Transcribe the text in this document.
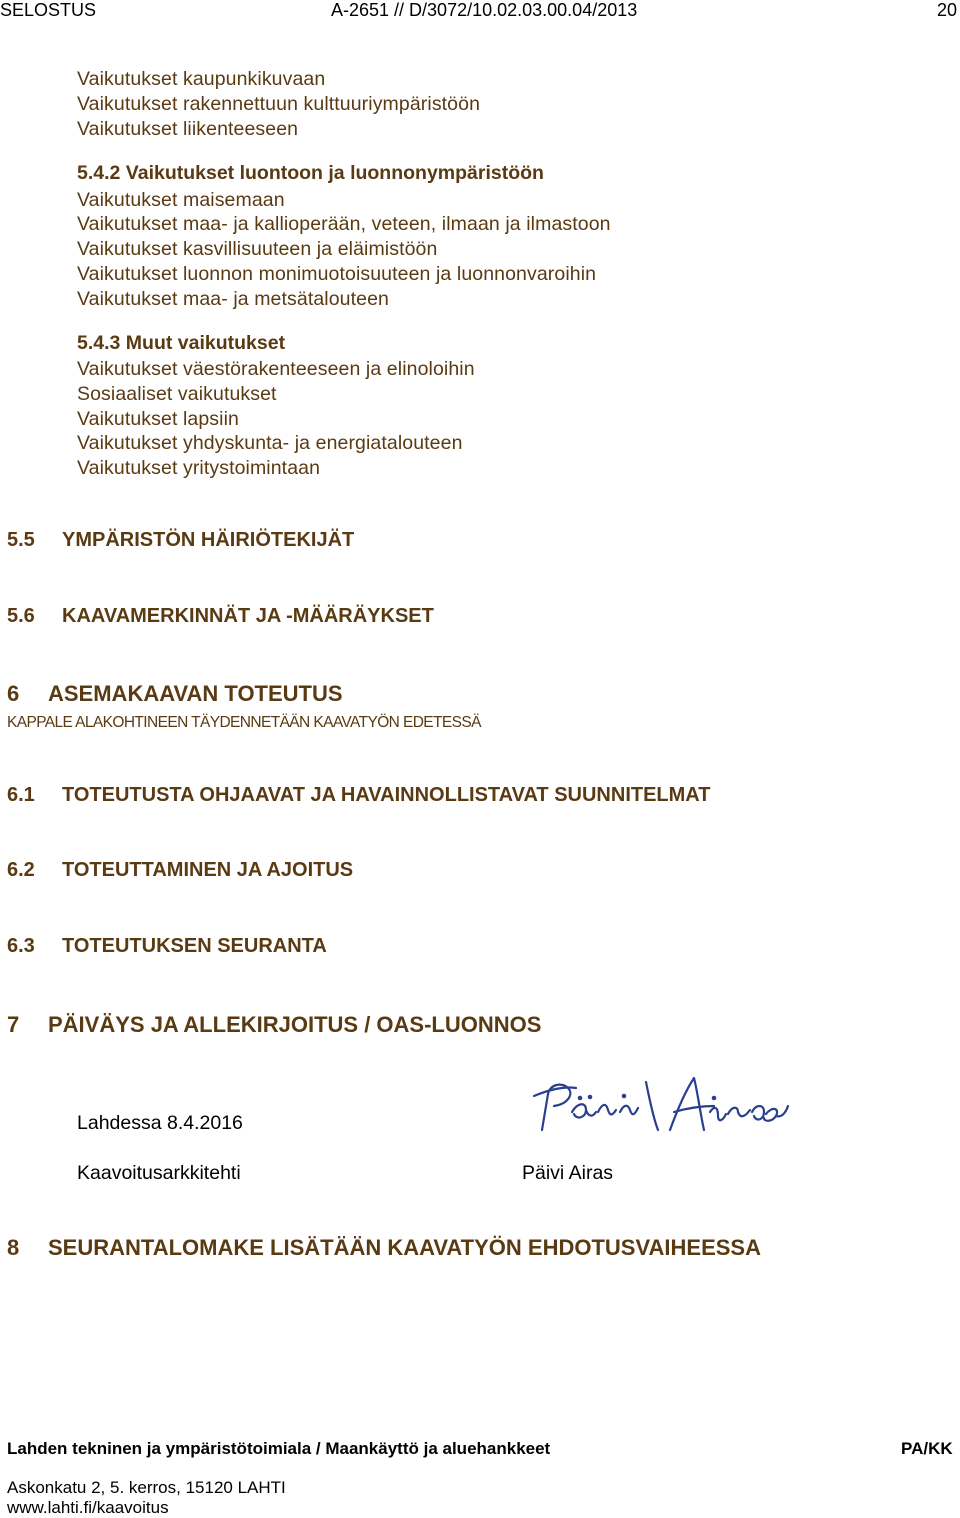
SELOSTUS	A-2651 // D/3072/10.02.03.00.04/2013	20
Vaikutukset kaupunkikuvaan
Vaikutukset rakennettuun kulttuuriympäristöön
Vaikutukset liikenteeseen
5.4.2 Vaikutukset luontoon ja luonnonympäristöön
Vaikutukset maisemaan
Vaikutukset maa- ja kallioperään, veteen, ilmaan ja ilmastoon
Vaikutukset kasvillisuuteen ja eläimistöön
Vaikutukset luonnon monimuotoisuuteen ja luonnonvaroihin
Vaikutukset maa- ja metsätalouteen
5.4.3 Muut vaikutukset
Vaikutukset väestörakenteeseen ja elinoloihin
Sosiaaliset vaikutukset
Vaikutukset lapsiin
Vaikutukset yhdyskunta- ja energiatalouteen
Vaikutukset yritystoimintaan
5.5 YMPÄRISTÖN HÄIRIÖTEKIJÄT
5.6 KAAVAMERKINNÄT JA -MÄÄRÄYKSET
6 ASEMAKAAVAN TOTEUTUS
KAPPALE ALAKOHTINEEN TÄYDENNETÄÄN KAAVATYÖN EDETESSÄ
6.1 TOTEUTUSTA OHJAAVAT JA HAVAINNOLLISTAVAT SUUNNITELMAT
6.2 TOTEUTTAMINEN JA AJOITUS
6.3 TOTEUTUKSEN SEURANTA
7 PÄIVÄYS JA ALLEKIRJOITUS / OAS-LUONNOS
Lahdessa 8.4.2016
Kaavoitusarkkitehti	Päivi Airas
8 SEURANTALOMAKE LISÄTÄÄN KAAVATYÖN EHDOTUSVAIHEESSA
Lahden tekninen ja ympäristötoimiala / Maankäyttö ja aluehankkeet	PA/KK
Askonkatu 2, 5. kerros, 15120 LAHTI
www.lahti.fi/kaavoitus
